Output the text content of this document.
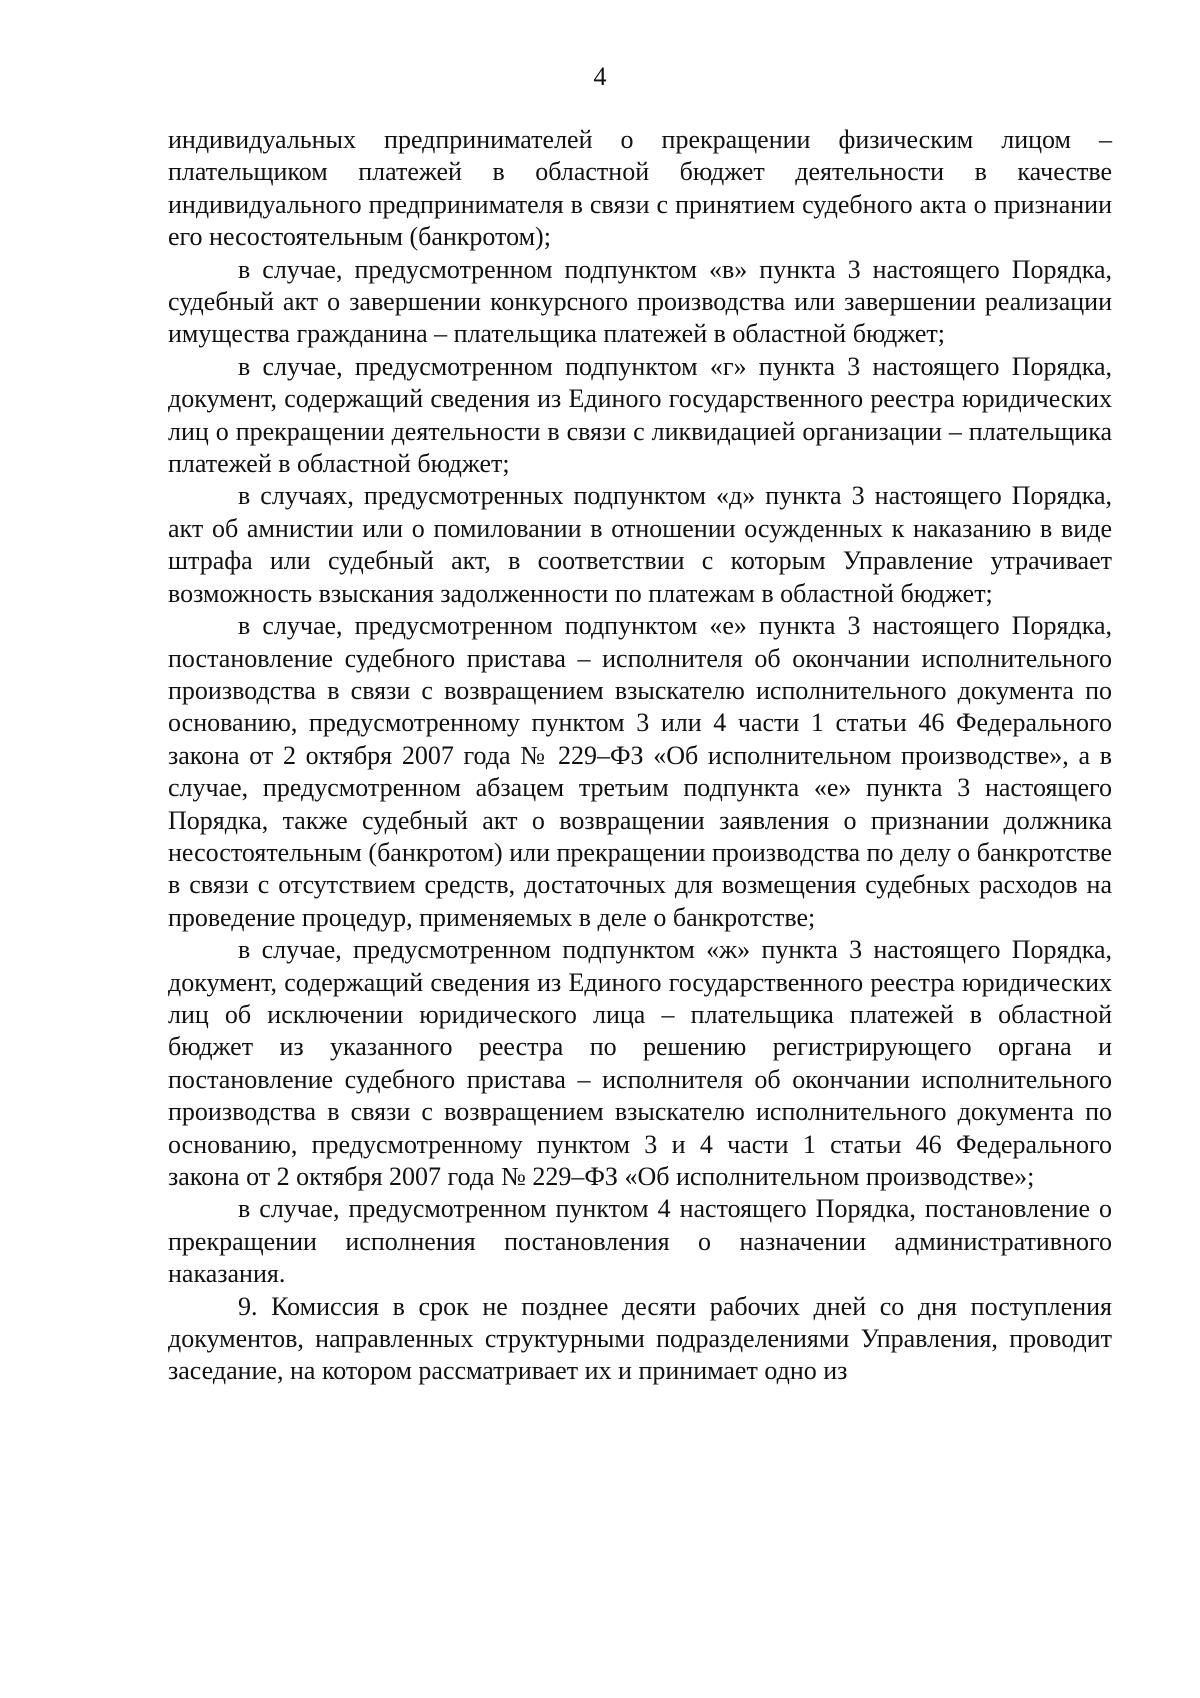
4

индивидуальных предпринимателей о прекращении физическим лицом – плательщиком платежей в областной бюджет деятельности в качестве индивидуального предпринимателя в связи с принятием судебного акта о признании его несостоятельным (банкротом);

в случае, предусмотренном подпунктом «в» пункта 3 настоящего Порядка, судебный акт о завершении конкурсного производства или завершении реализации имущества гражданина – плательщика платежей в областной бюджет;

в случае, предусмотренном подпунктом «г» пункта 3 настоящего Порядка, документ, содержащий сведения из Единого государственного реестра юридических лиц о прекращении деятельности в связи с ликвидацией организации – плательщика платежей в областной бюджет;

в случаях, предусмотренных подпунктом «д» пункта 3 настоящего Порядка, акт об амнистии или о помиловании в отношении осужденных к наказанию в виде штрафа или судебный акт, в соответствии с которым Управление утрачивает возможность взыскания задолженности по платежам в областной бюджет;

в случае, предусмотренном подпунктом «е» пункта 3 настоящего Порядка, постановление судебного пристава – исполнителя об окончании исполнительного производства в связи с возвращением взыскателю исполнительного документа по основанию, предусмотренному пунктом 3 или 4 части 1 статьи 46 Федерального закона от 2 октября 2007 года № 229–ФЗ «Об исполнительном производстве», а в случае, предусмотренном абзацем третьим подпункта «е» пункта 3 настоящего Порядка, также судебный акт о возвращении заявления о признании должника несостоятельным (банкротом) или прекращении производства по делу о банкротстве в связи с отсутствием средств, достаточных для возмещения судебных расходов на проведение процедур, применяемых в деле о банкротстве;

в случае, предусмотренном подпунктом «ж» пункта 3 настоящего Порядка, документ, содержащий сведения из Единого государственного реестра юридических лиц об исключении юридического лица – плательщика платежей в областной бюджет из указанного реестра по решению регистрирующего органа и постановление судебного пристава – исполнителя об окончании исполнительного производства в связи с возвращением взыскателю исполнительного документа по основанию, предусмотренному пунктом 3 и 4 части 1 статьи 46 Федерального закона от 2 октября 2007 года № 229–ФЗ «Об исполнительном производстве»;

в случае, предусмотренном пунктом 4 настоящего Порядка, постановление о прекращении исполнения постановления о назначении административного наказания.

9. Комиссия в срок не позднее десяти рабочих дней со дня поступления документов, направленных структурными подразделениями Управления, проводит заседание, на котором рассматривает их и принимает одно из
